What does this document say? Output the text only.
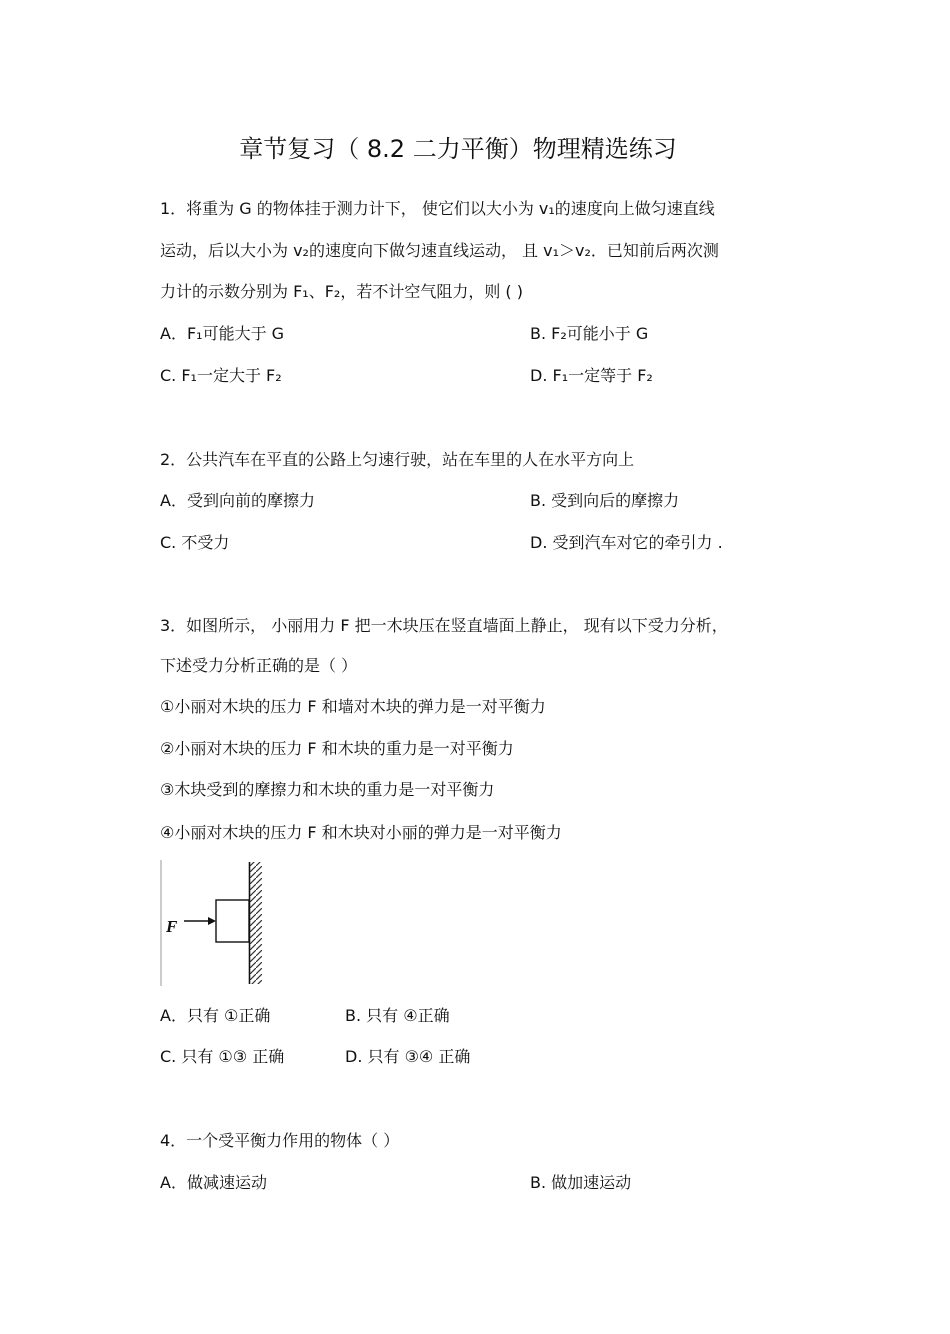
章节复习（ 8.2 二力平衡）物理精选练习
1．将重为 G 的物体挂于测力计下， 使它们以大小为 v₁的速度向上做匀速直线
运动，后以大小为 v₂的速度向下做匀速直线运动， 且 v₁＞v₂．已知前后两次测
力计的示数分别为 F₁、F₂，若不计空气阻力，则 ( )
A．F₁可能大于 G	B. F₂可能小于 G
C. F₁一定大于 F₂	D. F₁一定等于 F₂
2．公共汽车在平直的公路上匀速行驶，站在车里的人在水平方向上
A．受到向前的摩擦力	B. 受到向后的摩擦力
C. 不受力	D. 受到汽车对它的牵引力 .
3．如图所示， 小丽用力 F 把一木块压在竖直墙面上静止， 现有以下受力分析，
下述受力分析正确的是（ ）
①小丽对木块的压力 F 和墙对木块的弹力是一对平衡力
②小丽对木块的压力 F 和木块的重力是一对平衡力
③木块受到的摩擦力和木块的重力是一对平衡力
④小丽对木块的压力 F 和木块对小丽的弹力是一对平衡力
F
A．只有 ①正确	B. 只有 ④正确
C. 只有 ①③ 正确	D. 只有 ③④ 正确
4．一个受平衡力作用的物体（ ）
A．做减速运动	B. 做加速运动
